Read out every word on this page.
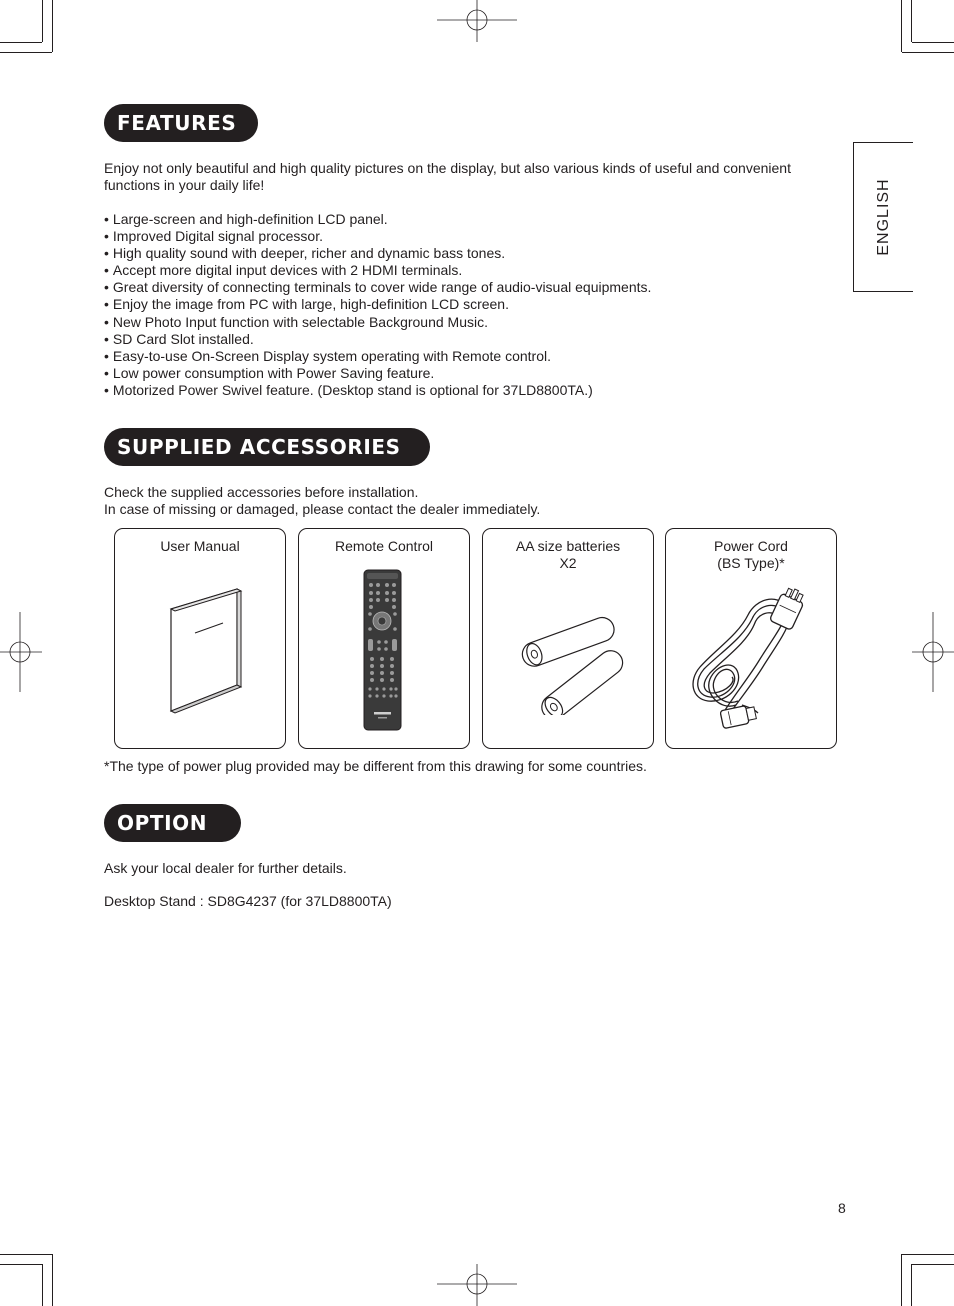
ENGLISH
FEATURES
Enjoy not only beautiful and high quality pictures on the display, but also various kinds of useful and convenient functions in your daily life!
• Large-screen and high-definition LCD panel.
• Improved Digital signal processor.
• High quality sound with deeper, richer and dynamic bass tones.
• Accept more digital input devices with 2 HDMI terminals.
• Great diversity of connecting terminals to cover wide range of audio-visual equipments.
• Enjoy the image from PC with large, high-definition LCD screen.
• New Photo Input function with selectable Background Music.
• SD Card Slot installed.
• Easy-to-use On-Screen Display system operating with Remote control.
• Low power consumption with Power Saving feature.
• Motorized Power Swivel feature. (Desktop stand is optional for 37LD8800TA.)
SUPPLIED ACCESSORIES
Check the supplied accessories before installation.
In case of missing or damaged, please contact the dealer immediately.
User Manual	Remote Control	AA size batteries
X2
Power Cord
(BS Type)*
*The type of power plug provided may be different from this drawing for some countries.
OPTION
Ask your local dealer for further details.
Desktop Stand : SD8G4237 (for 37LD8800TA)
8
